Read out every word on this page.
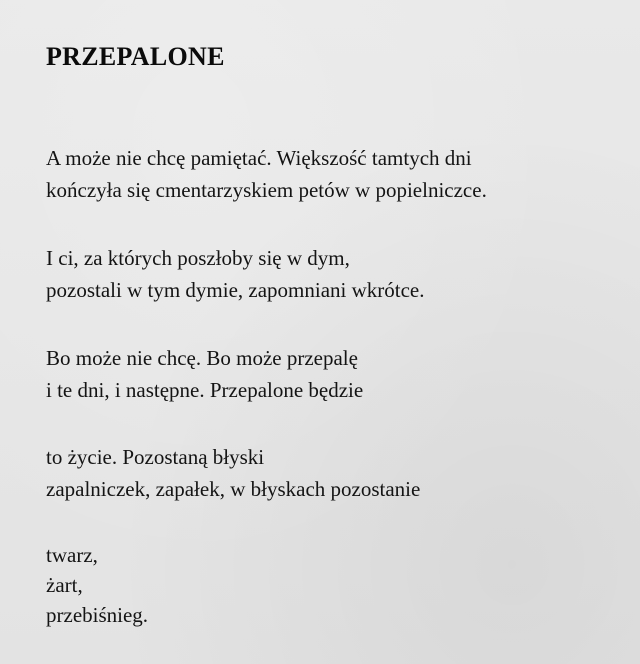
PRZEPALONE
A może nie chcę pamiętać. Większość tamtych dni
kończyła się cmentarzyskiem petów w popielniczce.
I ci, za których poszłoby się w dym,
pozostali w tym dymie, zapomniani wkrótce.
Bo może nie chcę. Bo może przepalę
i te dni, i następne. Przepalone będzie
to życie. Pozostaną błyski
zapalniczek, zapałek, w błyskach pozostanie
twarz,
żart,
przebiśnieg.
